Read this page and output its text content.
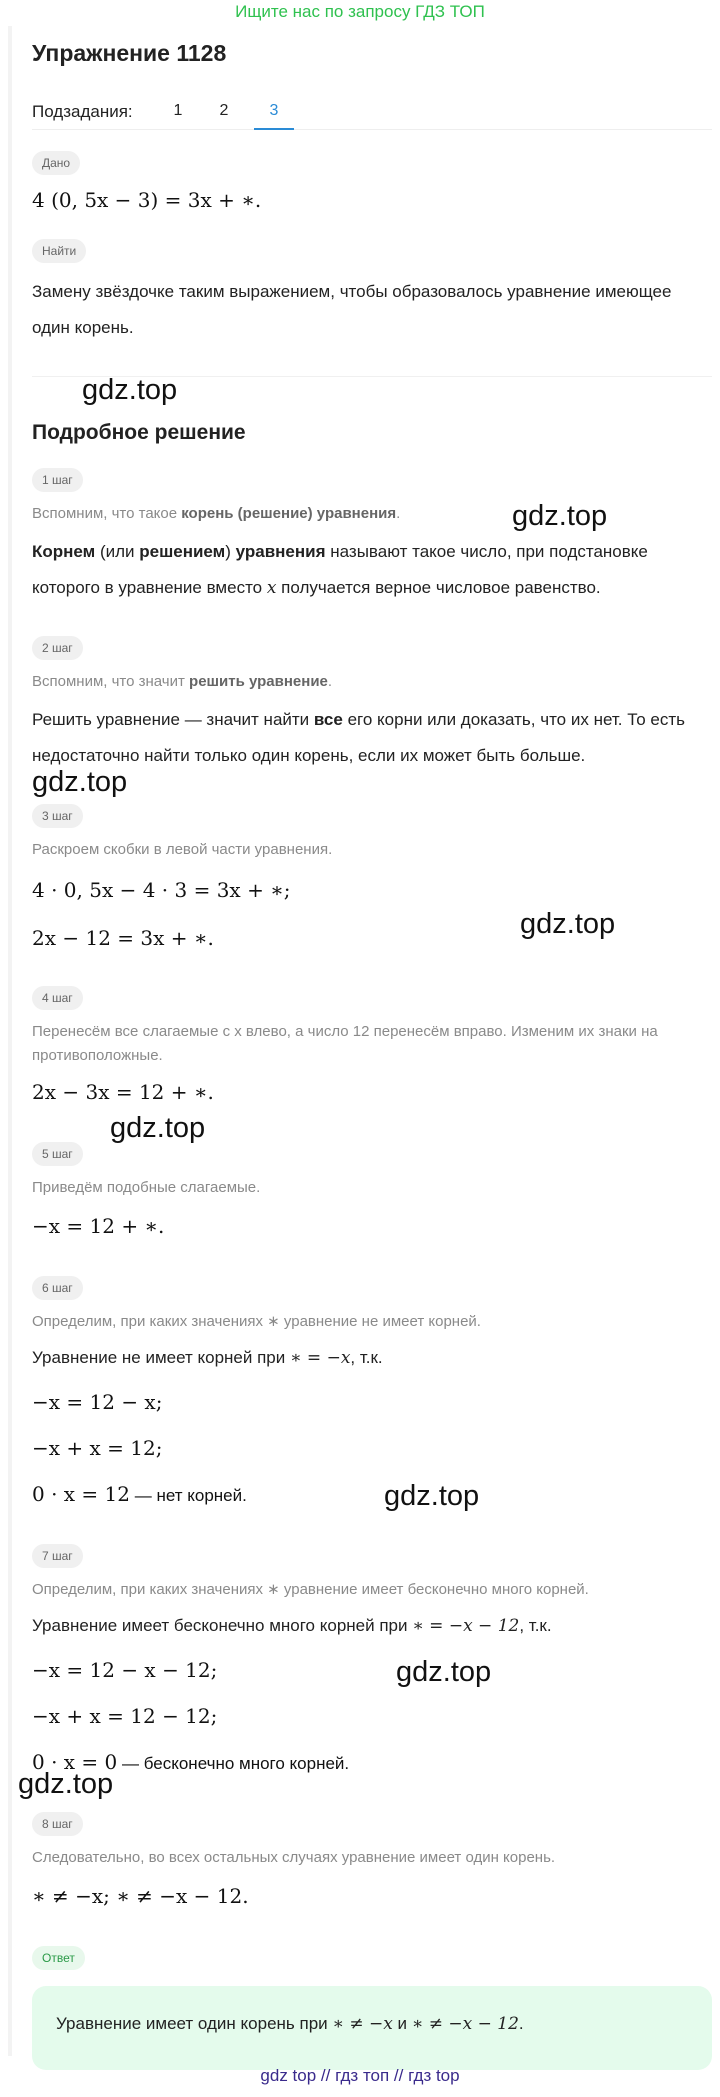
Ищите нас по запросу ГДЗ ТОП
Упражнение 1128
Подзадания:	1	2	3
Дано
4 (0, 5x − 3) = 3x + ∗.
Найти
Замену звёздочке таким выражением, чтобы образовалось уравнение имеющее один корень.
Подробное решение
1 шаг
Вспомним, что такое корень (решение) уравнения.
Корнем (или решением) уравнения называют такое число, при подстановке которого в уравнение вместо x получается верное числовое равенство.
2 шаг
Вспомним, что значит решить уравнение.
Решить уравнение — значит найти все его корни или доказать, что их нет. То есть недостаточно найти только один корень, если их может быть больше.
3 шаг
Раскроем скобки в левой части уравнения.
4 · 0, 5x − 4 · 3 = 3x + ∗;
2x − 12 = 3x + ∗.
4 шаг
Перенесём все слагаемые с x влево, а число 12 перенесём вправо. Изменим их знаки на противоположные.
2x − 3x = 12 + ∗.
5 шаг
Приведём подобные слагаемые.
−x = 12 + ∗.
6 шаг
Определим, при каких значениях ∗ уравнение не имеет корней.
Уравнение не имеет корней при ∗ = −x, т.к.
−x = 12 − x;
−x + x = 12;
0 · x = 12 — нет корней.
7 шаг
Определим, при каких значениях ∗ уравнение имеет бесконечно много корней.
Уравнение имеет бесконечно много корней при ∗ = −x − 12, т.к.
−x = 12 − x − 12;
−x + x = 12 − 12;
0 · x = 0 — бесконечно много корней.
8 шаг
Следовательно, во всех остальных случаях уравнение имеет один корень.
∗ ≠ −x; ∗ ≠ −x − 12.
Ответ
Уравнение имеет один корень при ∗ ≠ −x и ∗ ≠ −x − 12.
gdz.top
gdz.top
gdz.top
gdz.top
gdz.top
gdz.top
gdz.top
gdz.top
gdz top // гдз топ // гдз top
